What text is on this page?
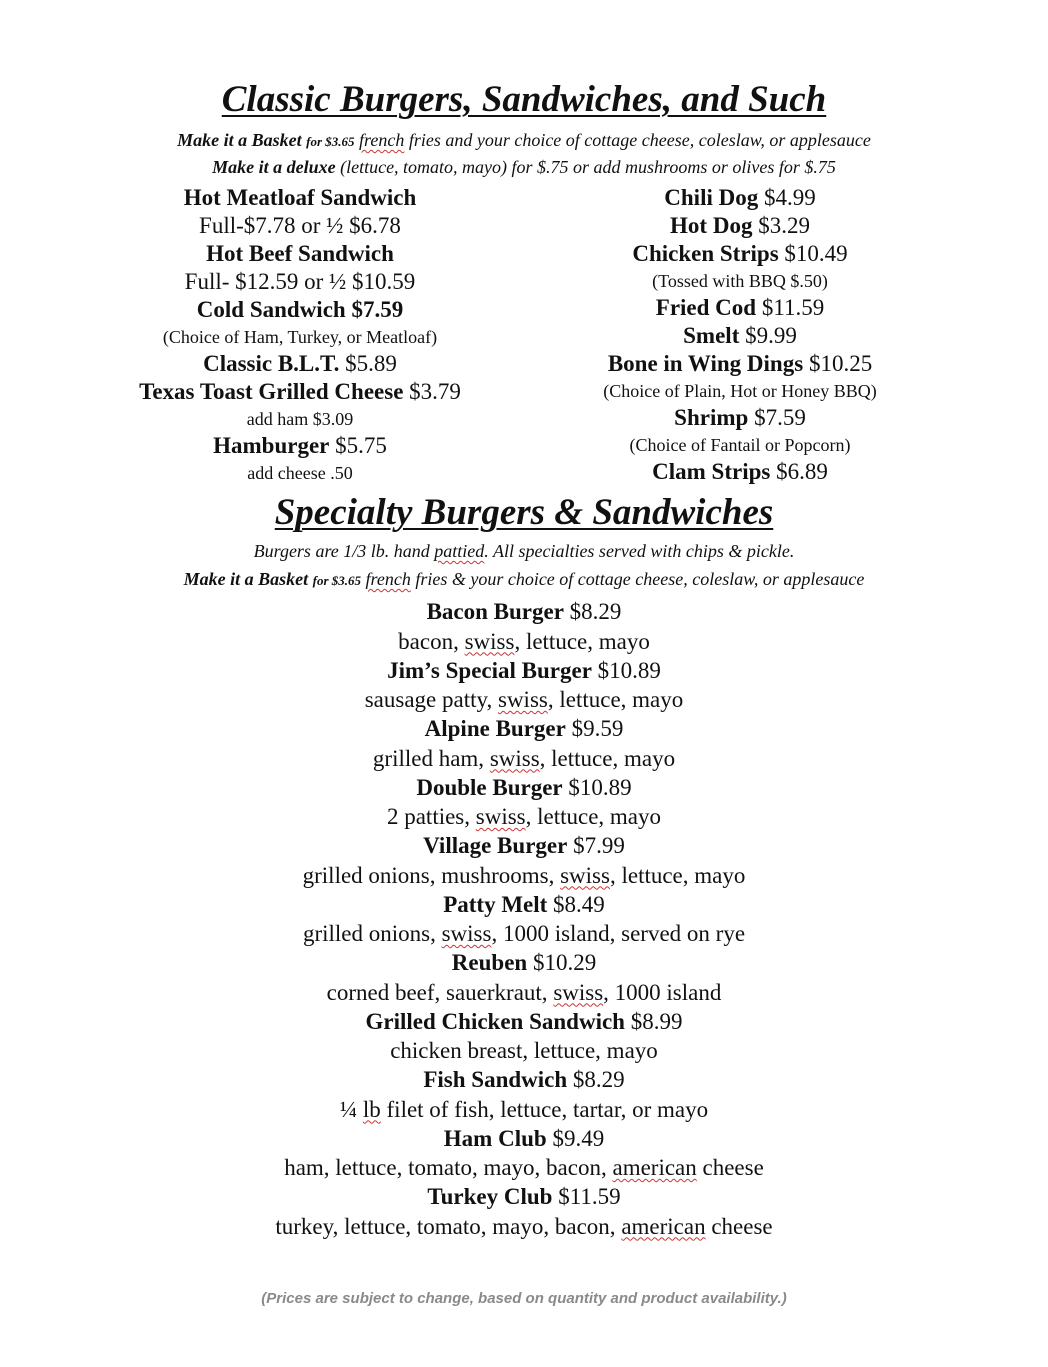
Classic Burgers, Sandwiches, and Such
Make it a Basket for $3.65 french fries and your choice of cottage cheese, coleslaw, or applesauce
Make it a deluxe (lettuce, tomato, mayo) for $.75 or add mushrooms or olives for $.75
Hot Meatloaf Sandwich
Full-$7.78 or ½ $6.78
Hot Beef Sandwich
Full- $12.59 or ½ $10.59
Cold Sandwich $7.59
(Choice of Ham, Turkey, or Meatloaf)
Classic B.L.T. $5.89
Texas Toast Grilled Cheese $3.79
add ham $3.09
Hamburger $5.75
add cheese .50
Chili Dog $4.99
Hot Dog $3.29
Chicken Strips $10.49
(Tossed with BBQ $.50)
Fried Cod $11.59
Smelt $9.99
Bone in Wing Dings $10.25
(Choice of Plain, Hot or Honey BBQ)
Shrimp $7.59
(Choice of Fantail or Popcorn)
Clam Strips $6.89
Specialty Burgers & Sandwiches
Burgers are 1/3 lb. hand pattied. All specialties served with chips & pickle.
Make it a Basket for $3.65 french fries & your choice of cottage cheese, coleslaw, or applesauce
Bacon Burger $8.29
bacon, swiss, lettuce, mayo
Jim’s Special Burger $10.89
sausage patty, swiss, lettuce, mayo
Alpine Burger $9.59
grilled ham, swiss, lettuce, mayo
Double Burger $10.89
2 patties, swiss, lettuce, mayo
Village Burger $7.99
grilled onions, mushrooms, swiss, lettuce, mayo
Patty Melt $8.49
grilled onions, swiss, 1000 island, served on rye
Reuben $10.29
corned beef, sauerkraut, swiss, 1000 island
Grilled Chicken Sandwich $8.99
chicken breast, lettuce, mayo
Fish Sandwich $8.29
¼ lb filet of fish, lettuce, tartar, or mayo
Ham Club $9.49
ham, lettuce, tomato, mayo, bacon, american cheese
Turkey Club $11.59
turkey, lettuce, tomato, mayo, bacon, american cheese
(Prices are subject to change, based on quantity and product availability.)
